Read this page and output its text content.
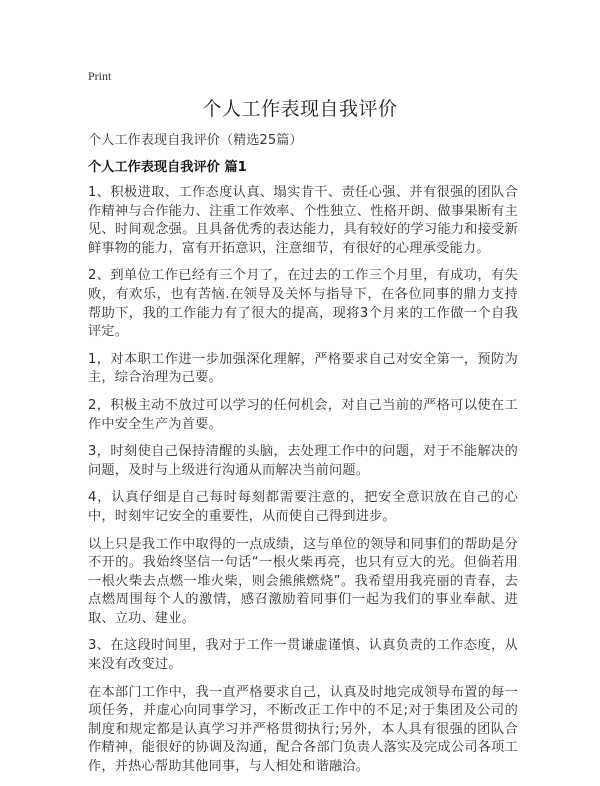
Print
个人工作表现自我评价
个人工作表现自我评价（精选25篇）
个人工作表现自我评价 篇1

1、积极进取、工作态度认真、塌实肯干、责任心强、并有很强的团队合作精神与合作能力、注重工作效率、个性独立、性格开朗、做事果断有主见、时间观念强。且具备优秀的表达能力，具有较好的学习能力和接受新鲜事物的能力，富有开拓意识，注意细节，有很好的心理承受能力。

2、到单位工作已经有三个月了，在过去的工作三个月里，有成功，有失败，有欢乐，也有苦恼.在领导及关怀与指导下，在各位同事的鼎力支持帮助下，我的工作能力有了很大的提高，现将3个月来的工作做一个自我评定。

1，对本职工作进一步加强深化理解，严格要求自己对安全第一，预防为主，综合治理为己要。

2，积极主动不放过可以学习的任何机会，对自己当前的严格可以使在工作中安全生产为首要。

3，时刻使自己保持清醒的头脑，去处理工作中的问题，对于不能解决的问题，及时与上级进行沟通从而解决当前问题。

4，认真仔细是自己每时每刻都需要注意的，把安全意识放在自己的心中，时刻牢记安全的重要性，从而使自己得到进步。

以上只是我工作中取得的一点成绩，这与单位的领导和同事们的帮助是分不开的。我始终坚信一句话“一根火柴再亮，也只有豆大的光。但倘若用一根火柴去点燃一堆火柴，则会熊熊燃烧”。我希望用我亮丽的青春，去点燃周围每个人的激情，感召激励着同事们一起为我们的事业奉献、进取、立功、建业。

3、在这段时间里，我对于工作一贯谦虚谨慎、认真负责的工作态度，从来没有改变过。

在本部门工作中，我一直严格要求自己，认真及时地完成领导布置的每一项任务，并虚心向同事学习，不断改正工作中的不足;对于集团及公司的制度和规定都是认真学习并严格贯彻执行;另外，本人具有很强的团队合作精神，能很好的协调及沟通，配合各部门负责人落实及完成公司各项工作，并热心帮助其他同事，与人相处和谐融洽。
